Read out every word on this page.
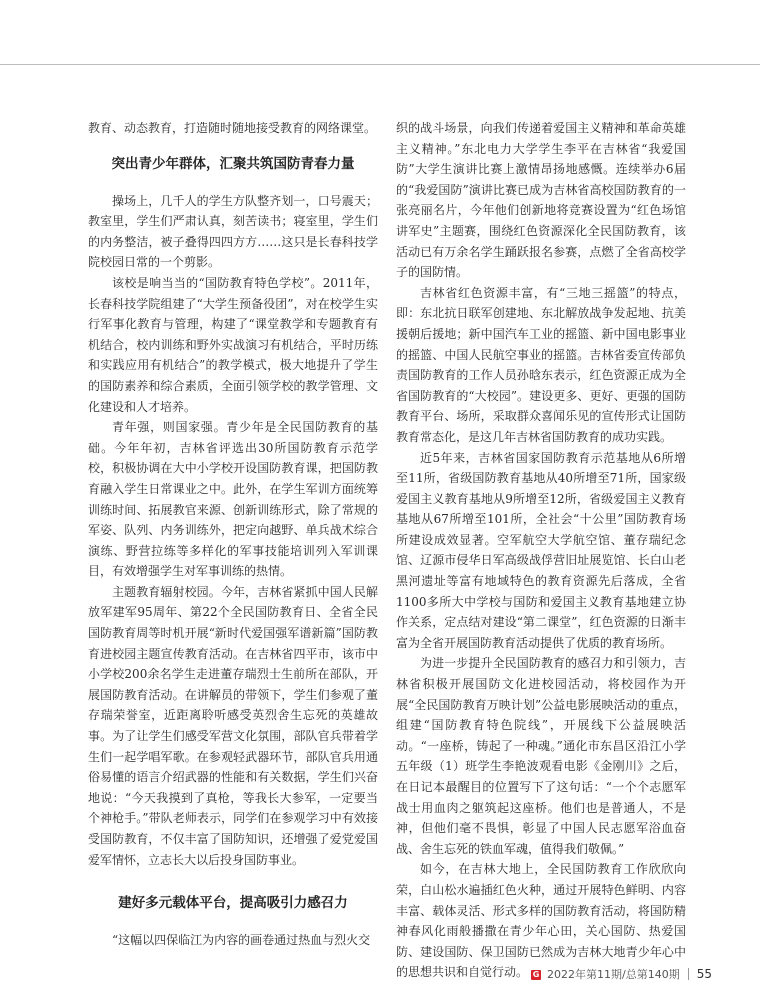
教育、动态教育，打造随时随地接受教育的网络课堂。

突出青少年群体，汇聚共筑国防青春力量

操场上，几千人的学生方队整齐划一，口号震天；教室里，学生们严肃认真，刻苦读书；寝室里，学生们的内务整洁，被子叠得四四方方……这只是长春科技学院校园日常的一个剪影。

该校是响当当的“国防教育特色学校”。2011年，长春科技学院组建了“大学生预备役团”，对在校学生实行军事化教育与管理，构建了“课堂教学和专题教育有机结合，校内训练和野外实战演习有机结合，平时历练和实践应用有机结合”的教学模式，极大地提升了学生的国防素养和综合素质，全面引领学校的教学管理、文化建设和人才培养。

青年强，则国家强。青少年是全民国防教育的基础。今年年初，吉林省评选出30所国防教育示范学校，积极协调在大中小学校开设国防教育课，把国防教育融入学生日常课业之中。此外，在学生军训方面统筹训练时间、拓展教官来源、创新训练形式，除了常规的军姿、队列、内务训练外，把定向越野、单兵战术综合演练、野营拉练等多样化的军事技能培训列入军训课目，有效增强学生对军事训练的热情。

主题教育辐射校园。今年，吉林省紧抓中国人民解放军建军95周年、第22个全民国防教育日、全省全民国防教育周等时机开展“新时代爱国强军谱新篇”国防教育进校园主题宣传教育活动。在吉林省四平市，该市中小学校200余名学生走进董存瑞烈士生前所在部队，开展国防教育活动。在讲解员的带领下，学生们参观了董存瑞荣誉室，近距离聆听感受英烈舍生忘死的英雄故事。为了让学生们感受军营文化氛围，部队官兵带着学生们一起学唱军歌。在参观轻武器环节，部队官兵用通俗易懂的语言介绍武器的性能和有关数据，学生们兴奋地说：“今天我摸到了真枪，等我长大参军，一定要当个神枪手。”带队老师表示，同学们在参观学习中有效接受国防教育，不仅丰富了国防知识，还增强了爱党爱国爱军情怀，立志长大以后投身国防事业。

建好多元载体平台，提高吸引力感召力

“这幅以四保临江为内容的画卷通过热血与烈火交

织的战斗场景，向我们传递着爱国主义精神和革命英雄主义精神。”东北电力大学学生李平在吉林省“我爱国防”大学生演讲比赛上激情昂扬地感慨。连续举办6届的“我爱国防”演讲比赛已成为吉林省高校国防教育的一张亮丽名片，今年他们创新地将竞赛设置为“红色场馆讲军史”主题赛，围绕红色资源深化全民国防教育，该活动已有万余名学生踊跃报名参赛，点燃了全省高校学子的国防情。

吉林省红色资源丰富，有“三地三摇篮”的特点，即：东北抗日联军创建地、东北解放战争发起地、抗美援朝后援地；新中国汽车工业的摇篮、新中国电影事业的摇篮、中国人民航空事业的摇篮。吉林省委宣传部负责国防教育的工作人员孙晗东表示，红色资源正成为全省国防教育的“大校园”。建设更多、更好、更强的国防教育平台、场所，采取群众喜闻乐见的宣传形式让国防教育常态化，是这几年吉林省国防教育的成功实践。

近5年来，吉林省国家国防教育示范基地从6所增至11所，省级国防教育基地从40所增至71所，国家级爱国主义教育基地从9所增至12所，省级爱国主义教育基地从67所增至101所，全社会“十公里”国防教育场所建设成效显著。空军航空大学航空馆、董存瑞纪念馆、辽源市侵华日军高级战俘营旧址展览馆、长白山老黑河遗址等富有地域特色的教育资源先后落成，全省1100多所大中学校与国防和爱国主义教育基地建立协作关系，定点结对建设“第二课堂”，红色资源的日渐丰富为全省开展国防教育活动提供了优质的教育场所。

为进一步提升全民国防教育的感召力和引领力，吉林省积极开展国防文化进校园活动，将校园作为开展“全民国防教育万映计划”公益电影展映活动的重点，组建“国防教育特色院线”，开展线下公益展映活动。“一座桥，铸起了一种魂。”通化市东昌区沿江小学五年级（1）班学生李艳波观看电影《金刚川》之后，在日记本最醒目的位置写下了这句话：“一个个志愿军战士用血肉之躯筑起这座桥。他们也是普通人，不是神，但他们毫不畏惧，彰显了中国人民志愿军浴血奋战、舍生忘死的铁血军魂，值得我们敬佩。”

如今，在吉林大地上，全民国防教育工作欣欣向荣，白山松水遍插红色火种，通过开展特色鲜明、内容丰富、载体灵活、形式多样的国防教育活动，将国防精神春风化雨般播撒在青少年心田，关心国防、热爱国防、建设国防、保卫国防已然成为吉林大地青少年心中的思想共识和自觉行动。 G 2022年第11期/总第140期 55
